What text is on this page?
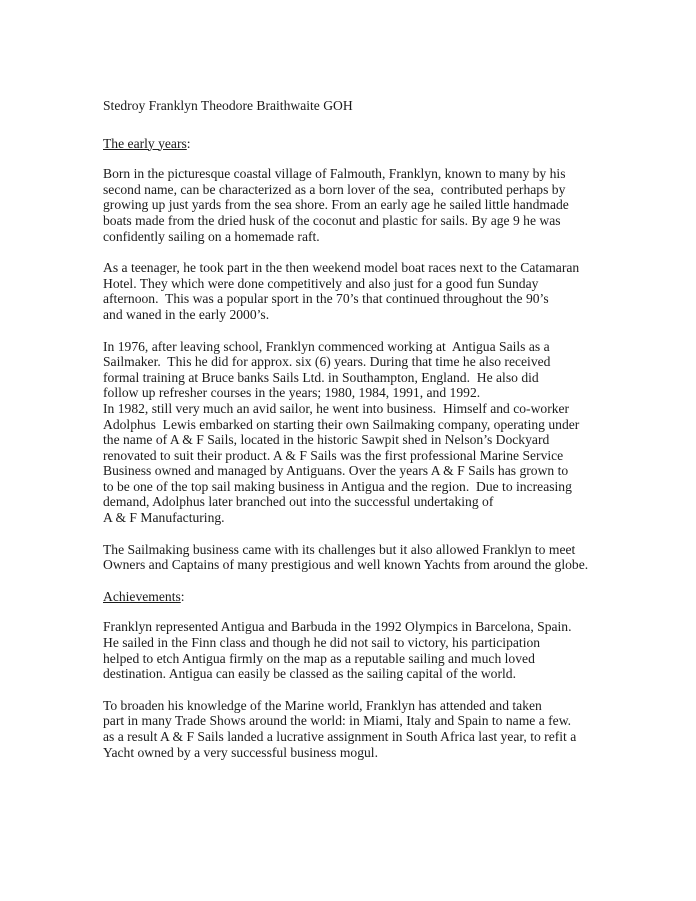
Stedroy Franklyn Theodore Braithwaite GOH
The early years:
Born in the picturesque coastal village of Falmouth, Franklyn, known to many by his
second name, can be characterized as a born lover of the sea,  contributed perhaps by
growing up just yards from the sea shore. From an early age he sailed little handmade
boats made from the dried husk of the coconut and plastic for sails. By age 9 he was
confidently sailing on a homemade raft.
As a teenager, he took part in the then weekend model boat races next to the Catamaran
Hotel. They which were done competitively and also just for a good fun Sunday
afternoon.  This was a popular sport in the 70’s that continued throughout the 90’s
and waned in the early 2000’s.
In 1976, after leaving school, Franklyn commenced working at  Antigua Sails as a
Sailmaker.  This he did for approx. six (6) years. During that time he also received
formal training at Bruce banks Sails Ltd. in Southampton, England.  He also did
follow up refresher courses in the years; 1980, 1984, 1991, and 1992.
In 1982, still very much an avid sailor, he went into business.  Himself and co-worker
Adolphus  Lewis embarked on starting their own Sailmaking company, operating under
the name of A & F Sails, located in the historic Sawpit shed in Nelson’s Dockyard
renovated to suit their product. A & F Sails was the first professional Marine Service
Business owned and managed by Antiguans. Over the years A & F Sails has grown to
to be one of the top sail making business in Antigua and the region.  Due to increasing
demand, Adolphus later branched out into the successful undertaking of
A & F Manufacturing.
The Sailmaking business came with its challenges but it also allowed Franklyn to meet
Owners and Captains of many prestigious and well known Yachts from around the globe.
Achievements:
Franklyn represented Antigua and Barbuda in the 1992 Olympics in Barcelona, Spain.
He sailed in the Finn class and though he did not sail to victory, his participation
helped to etch Antigua firmly on the map as a reputable sailing and much loved
destination. Antigua can easily be classed as the sailing capital of the world.
To broaden his knowledge of the Marine world, Franklyn has attended and taken
part in many Trade Shows around the world: in Miami, Italy and Spain to name a few.
as a result A & F Sails landed a lucrative assignment in South Africa last year, to refit a
Yacht owned by a very successful business mogul.
